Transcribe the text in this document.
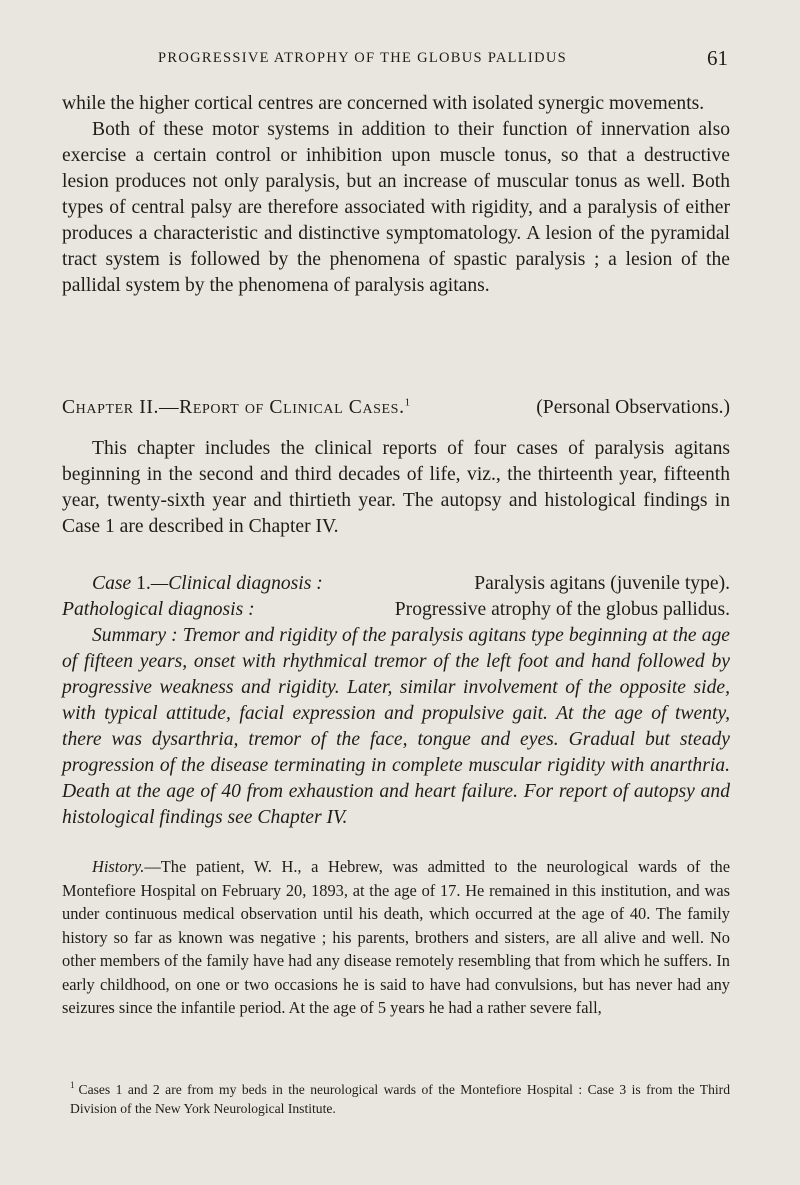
PROGRESSIVE ATROPHY OF THE GLOBUS PALLIDUS	61

while the higher cortical centres are concerned with isolated synergic movements.

Both of these motor systems in addition to their function of innervation also exercise a certain control or inhibition upon muscle tonus, so that a destructive lesion produces not only paralysis, but an increase of muscular tonus as well. Both types of central palsy are therefore associated with rigidity, and a paralysis of either produces a characteristic and distinctive symptomatology. A lesion of the pyramidal tract system is followed by the phenomena of spastic paralysis ; a lesion of the pallidal system by the phenomena of paralysis agitans.

Chapter II.—Report of Clinical Cases.$^1$	(Personal Observations.)

This chapter includes the clinical reports of four cases of paralysis agitans beginning in the second and third decades of life, viz., the thirteenth year, fifteenth year, twenty-sixth year and thirtieth year. The autopsy and histological findings in Case 1 are described in Chapter IV.

Case 1.—Clinical diagnosis :	Paralysis agitans (juvenile type).
Pathological diagnosis :	Progressive atrophy of the globus pallidus.

Summary : Tremor and rigidity of the paralysis agitans type beginning at the age of fifteen years, onset with rhythmical tremor of the left foot and hand followed by progressive weakness and rigidity. Later, similar involvement of the opposite side, with typical attitude, facial expression and propulsive gait. At the age of twenty, there was dysarthria, tremor of the face, tongue and eyes. Gradual but steady progression of the disease terminating in complete muscular rigidity with anarthria. Death at the age of 40 from exhaustion and heart failure. For report of autopsy and histological findings see Chapter IV.

History.—The patient, W. H., a Hebrew, was admitted to the neurological wards of the Montefiore Hospital on February 20, 1893, at the age of 17. He remained in this institution, and was under continuous medical observation until his death, which occurred at the age of 40. The family history so far as known was negative ; his parents, brothers and sisters, are all alive and well. No other members of the family have had any disease remotely resembling that from which he suffers. In early childhood, on one or two occasions he is said to have had convulsions, but has never had any seizures since the infantile period. At the age of 5 years he had a rather severe fall,

$^1$ Cases 1 and 2 are from my beds in the neurological wards of the Montefiore Hospital : Case 3 is from the Third Division of the New York Neurological Institute.
